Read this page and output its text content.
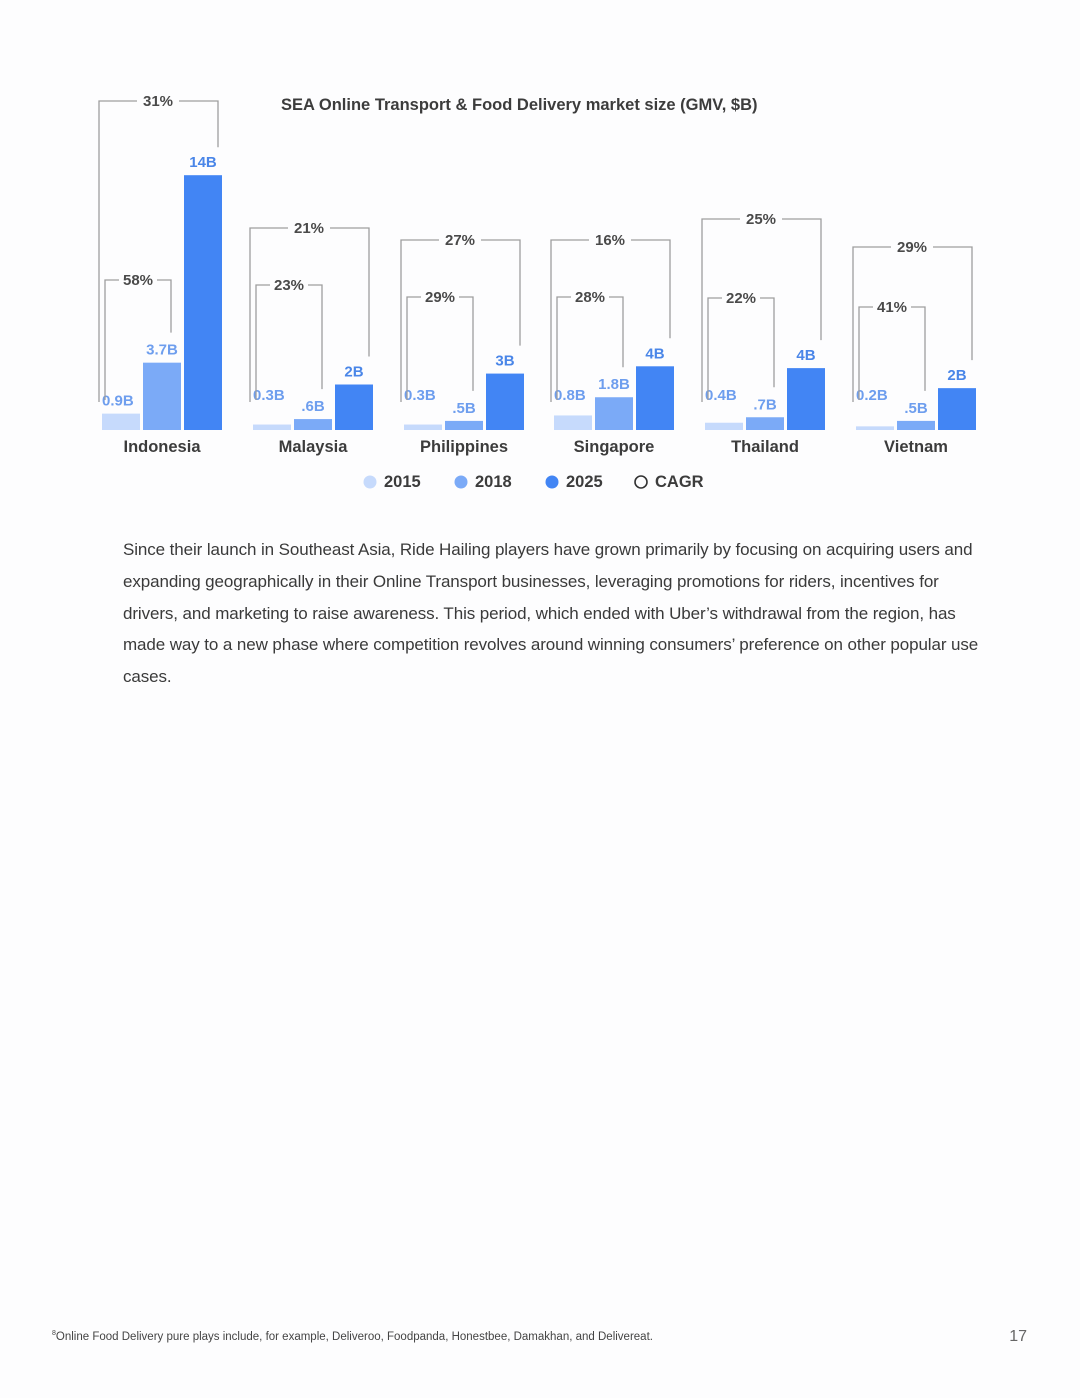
SEA Online Transport & Food Delivery market size (GMV, $B)
0.9B
3.7B
14B
Indonesia
31%
58%
0.3B
.6B
2B
Malaysia
21%
23%
0.3B
.5B
3B
Philippines
27%
29%
0.8B
1.8B
4B
Singapore
16%
28%
0.4B
.7B
4B
Thailand
25%
22%
0.2B
.5B
2B
Vietnam
29%
41%
2015	2018	2025	CAGR

Since their launch in Southeast Asia, Ride Hailing players have grown primarily by focusing on acquiring users and expanding geographically in their Online Transport businesses, leveraging promotions for riders, incentives for drivers, and marketing to raise awareness. This period, which ended with Uber’s withdrawal from the region, has made way to a new phase where competition revolves around winning consumers’ preference on other popular use cases.

$^8$Online Food Delivery pure plays include, for example, Deliveroo, Foodpanda, Honestbee, Damakhan, and Delivereat.	17
